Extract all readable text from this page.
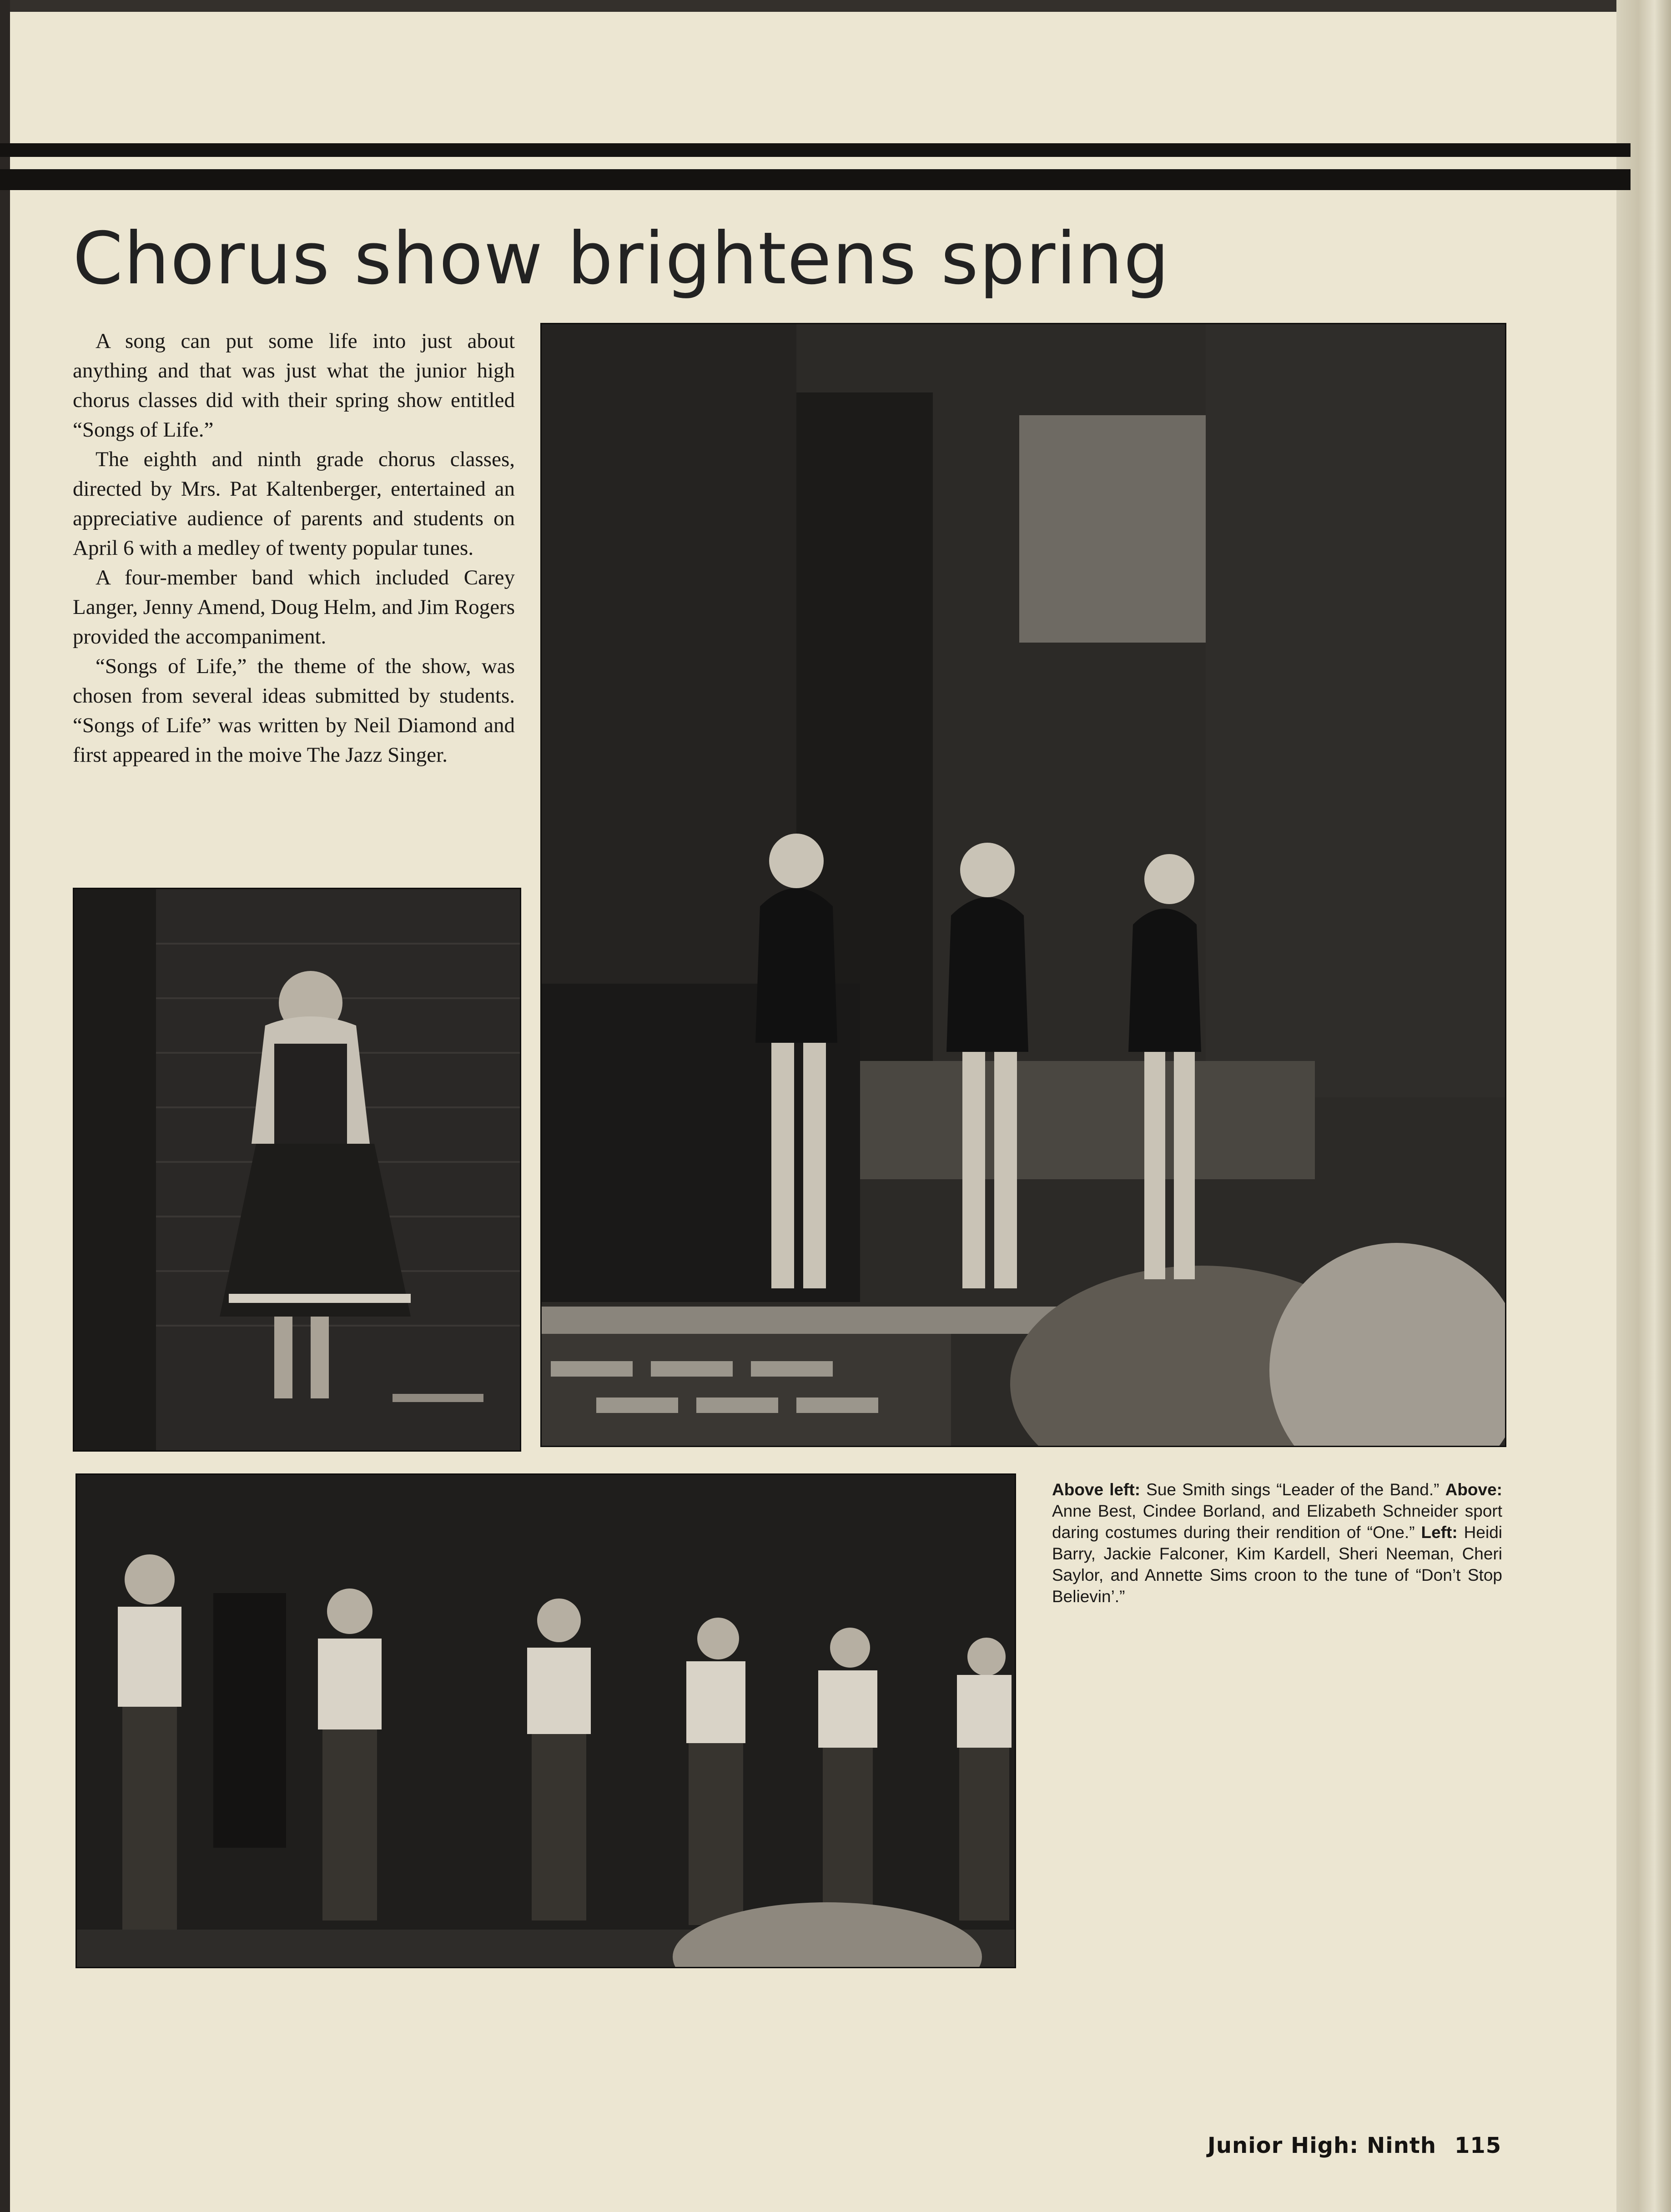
Chorus show brightens spring

A song can put some life into just about anything and that was just what the junior high chorus classes did with their spring show entitled “Songs of Life.”

The eighth and ninth grade chorus classes, directed by Mrs. Pat Kaltenberger, entertained an appreciative audience of parents and students on April 6 with a medley of twenty popular tunes.

A four-member band which included Carey Langer, Jenny Amend, Doug Helm, and Jim Rogers provided the accompaniment.

“Songs of Life,” the theme of the show, was chosen from several ideas submitted by students. “Songs of Life” was written by Neil Diamond and first appeared in the moive The Jazz Singer.

Above left: Sue Smith sings “Leader of the Band.” Above: Anne Best, Cindee Borland, and Elizabeth Schneider sport daring costumes during their rendition of “One.” Left: Heidi Barry, Jackie Falconer, Kim Kardell, Sheri Neeman, Cheri Saylor, and Annette Sims croon to the tune of “Don’t Stop Believin’.”
Junior High: Ninth 115
